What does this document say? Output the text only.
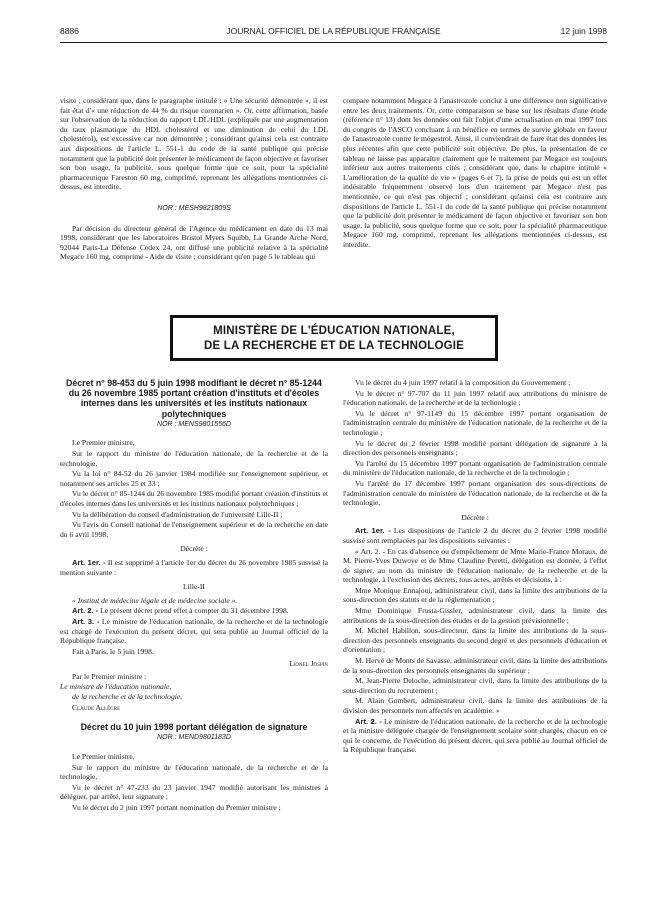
8886	JOURNAL OFFICIEL DE LA RÉPUBLIQUE FRANÇAISE	12 juin 1998

visite ; considérant que, dans le paragraphe intitulé : « Une sécurité démontrée », il est fait état d'« une réduction de 44 % du risque coronarien ». Or, cette affirmation, basée sur l'observation de la réduction du rapport LDL/HDL (expliquée par une augmentation du taux plasmatique du HDL cholestérol et une diminution de celui du LDL cholestérol), est excessive car non démontrée ; considérant qu'ainsi cela est contraire aux dispositions de l'article L. 551-1 du code de la santé publique qui précise notamment que la publicité doit présenter le médicament de façon objective et favoriser son bon usage, la publicité, sous quelque forme que ce soit, pour la spécialité pharmaceutique Fareston 60 mg, comprimé, reprenant les allégations mentionnées ci-dessus, est interdite.

NOR : MESH9821809S

Par décision du directeur général de l'Agence du médicament en date du 13 mai 1998, considérant que les laboratoires Bristol Myers Squibb, La Grande Arche Nord, 92044 Paris-La Défense Cedex 24, ont diffusé une publicité relative à la spécialité Megace 160 mg, comprimé - Aide de visite ; considérant qu'en page 5 le tableau qui

compare notamment Megace à l'anastrozole conclut à une différence non significative entre les deux traitements. Or, cette comparaison se base sur les résultats d'une étude (référence n° 13) dont les données ont fait l'objet d'une actualisation en mai 1997 lors du congrès de l'ASCO concluant à un bénéfice en termes de survie globale en faveur de l'anastrozole contre le mégestrol. Ainsi, il conviendrait de faire état des données les plus récentes afin que cette publicité soit objective. De plus, la présentation de ce tableau ne laisse pas apparaître clairement que le traitement par Megace est toujours inférieur aux autres traitements cités ; considérant que, dans le chapitre intitulé « L'amélioration de la qualité de vie » (pages 6 et 7), la prise de poids qui est un effet indésirable fréquemment observé lors d'un traitement par Megace n'est pas mentionnée, ce qui n'est pas objectif ; considérant qu'ainsi cela est contraire aux dispositions de l'article L. 551-1 du code de la santé publique qui précise notamment que la publicité doit présenter le médicament de façon objective et favoriser son bon usage, la publicité, sous quelque forme que ce soit, pour la spécialité pharmaceutique Megace 160 mg, comprimé, reprenant les allégations mentionnées ci-dessus, est interdite.

MINISTÈRE DE L'ÉDUCATION NATIONALE,
DE LA RECHERCHE ET DE LA TECHNOLOGIE

Décret n° 98-453 du 5 juin 1998 modifiant le décret n° 85-1244 du 26 novembre 1985 portant création d'instituts et d'écoles internes dans les universités et les instituts nationaux polytechniques

NOR : MENS9801556D

Le Premier ministre,

Sur le rapport du ministre de l'éducation nationale, de la recherche et de la technologie,

Vu la loi n° 84-52 du 26 janvier 1984 modifiée sur l'enseignement supérieur, et notamment ses articles 25 et 33 ;

Vu le décret n° 85-1244 du 26 novembre 1985 modifié portant création d'instituts et d'écoles internes dans les universités et les instituts nationaux polytechniques ;

Vu la délibération du conseil d'administration de l'université Lille-II ;

Vu l'avis du Conseil national de l'enseignement supérieur et de la recherche en date du 6 avril 1998,

Décrète :

Art. 1er. - Il est supprimé à l'article 1er du décret du 26 novembre 1985 susvisé la mention suivante :

Lille-II

« Institut de médecine légale et de médecine sociale ».

Art. 2. - Le présent décret prend effet à compter du 31 décembre 1998.

Art. 3. - Le ministre de l'éducation nationale, de la recherche et de la technologie est chargé de l'exécution du présent décret, qui sera publié au Journal officiel de la République française.

Fait à Paris, le 5 juin 1998.

Lionel Jospin

Par le Premier ministre :

Le ministre de l'éducation nationale,

de la recherche et de la technologie,

Claude Allègre

Décret du 10 juin 1998 portant délégation de signature

NOR : MEND9801183D

Le Premier ministre,

Sur le rapport du ministre de l'éducation nationale, de la recherche et de la technologie,

Vu le décret n° 47-233 du 23 janvier 1947 modifié autorisant les ministres à déléguer, par arrêté, leur signature ;

Vu le décret du 2 juin 1997 portant nomination du Premier ministre ;

Vu le décret du 4 juin 1997 relatif à la composition du Gouvernement ;

Vu le décret n° 97-707 du 11 juin 1997 relatif aux attributions du ministre de l'éducation nationale, de la recherche et de la technologie ;

Vu le décret n° 97-1149 du 15 décembre 1997 portant organisation de l'administration centrale du ministère de l'éducation nationale, de la recherche et de la technologie ;

Vu le décret du 2 février 1998 modifié portant délégation de signature à la direction des personnels enseignants ;

Vu l'arrêté du 15 décembre 1997 portant organisation de l'administration centrale du ministère de l'éducation nationale, de la recherche et de la technologie ;

Vu l'arrêté du 17 décembre 1997 portant organisation des sous-directions de l'administration centrale du ministère de l'éducation nationale, de la recherche et de la technologie,

Décrète :

Art. 1er. - Les dispositions de l'article 2 du décret du 2 février 1998 modifié susvisé sont remplacées par les dispositions suivantes :

« Art. 2. - En cas d'absence ou d'empêchement de Mme Marie-France Moraux, de M. Pierre-Yves Duwoye et de Mme Claudine Peretti, délégation est donnée, à l'effet de signer, au nom du ministre de l'éducation nationale, de la recherche et de la technologie, à l'exclusion des décrets, tous actes, arrêtés et décisions, à :

Mme Monique Ennajoui, administrateur civil, dans la limite des attributions de la sous-direction des statuts et de la réglementation ;

Mme Dominique Frusta-Gissler, administrateur civil, dans la limite des attributions de la sous-direction des études et de la gestion prévisionnelle ;

M. Michel Habillon, sous-directeur, dans la limite des attributions de la sous-direction des personnels enseignants du second degré et des personnels d'éducation et d'orientation ;

M. Hervé de Monts de Savasse, administrateur civil, dans la limite des attributions de la sous-direction des personnels enseignants du supérieur ;

M. Jean-Pierre Deloche, administrateur civil, dans la limite des attributions de la sous-direction du recrutement ;

M. Alain Gombert, administrateur civil, dans la limite des attributions de la division des personnels non affectés en académie. »

Art. 2. - Le ministre de l'éducation nationale, de la recherche et de la technologie et la ministre déléguée chargée de l'enseignement scolaire sont chargés, chacun en ce qui le concerne, de l'exécution du présent décret, qui sera publié au Journal officiel de la République française.
